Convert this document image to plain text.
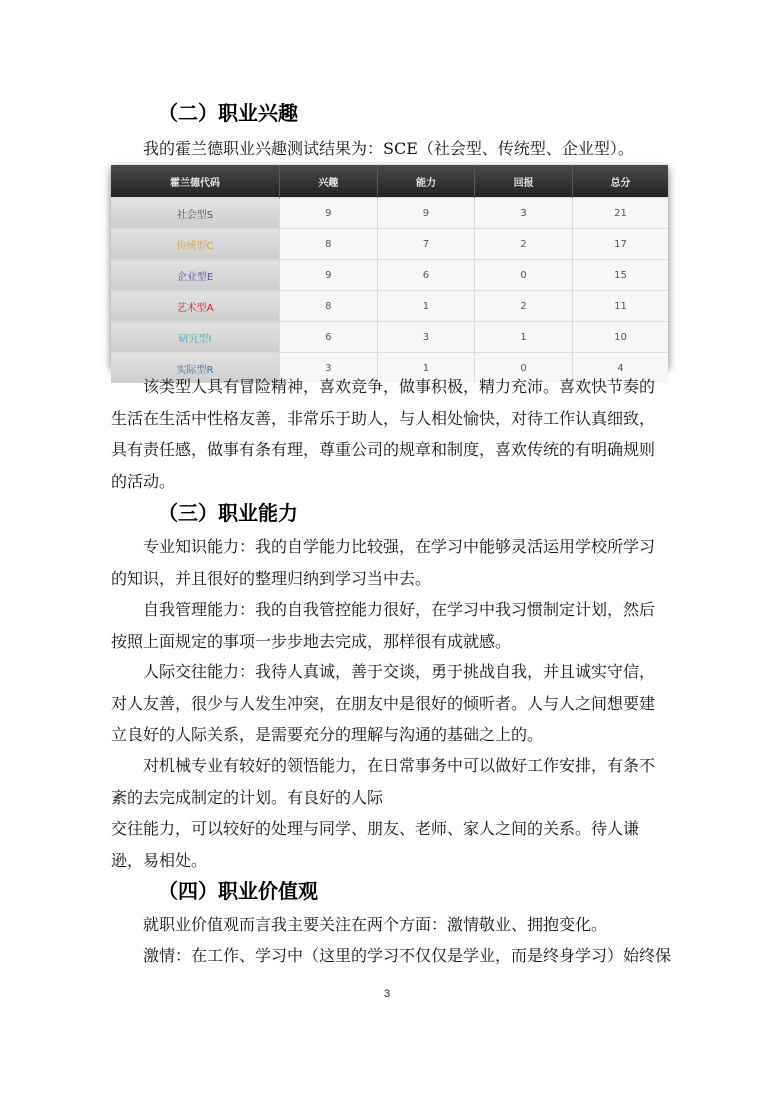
（二）职业兴趣

我的霍兰德职业兴趣测试结果为：SCE（社会型、传统型、企业型）。

霍兰德代码	兴趣	能力	回报	总分
社会型S	9	9	3	21
传统型C	8	7	2	17
企业型E	9	6	0	15
艺术型A	8	1	2	11
研究型I	6	3	1	10
实际型R	3	1	0	4

该类型人具有冒险精神，喜欢竞争，做事积极，精力充沛。喜欢快节奏的生活在生活中性格友善，非常乐于助人，与人相处愉快，对待工作认真细致，具有责任感，做事有条有理，尊重公司的规章和制度，喜欢传统的有明确规则的活动。

（三）职业能力

专业知识能力：我的自学能力比较强，在学习中能够灵活运用学校所学习的知识，并且很好的整理归纳到学习当中去。

自我管理能力：我的自我管控能力很好，在学习中我习惯制定计划，然后按照上面规定的事项一步步地去完成，那样很有成就感。

人际交往能力：我待人真诚，善于交谈，勇于挑战自我，并且诚实守信，对人友善，很少与人发生冲突，在朋友中是很好的倾听者。人与人之间想要建立良好的人际关系，是需要充分的理解与沟通的基础之上的。

对机械专业有较好的领悟能力，在日常事务中可以做好工作安排，有条不紊的去完成制定的计划。有良好的人际

交往能力，可以较好的处理与同学、朋友、老师、家人之间的关系。待人谦逊，易相处。

（四）职业价值观

就职业价值观而言我主要关注在两个方面：激情敬业、拥抱变化。

激情：在工作、学习中（这里的学习不仅仅是学业，而是终身学习）始终保

3
